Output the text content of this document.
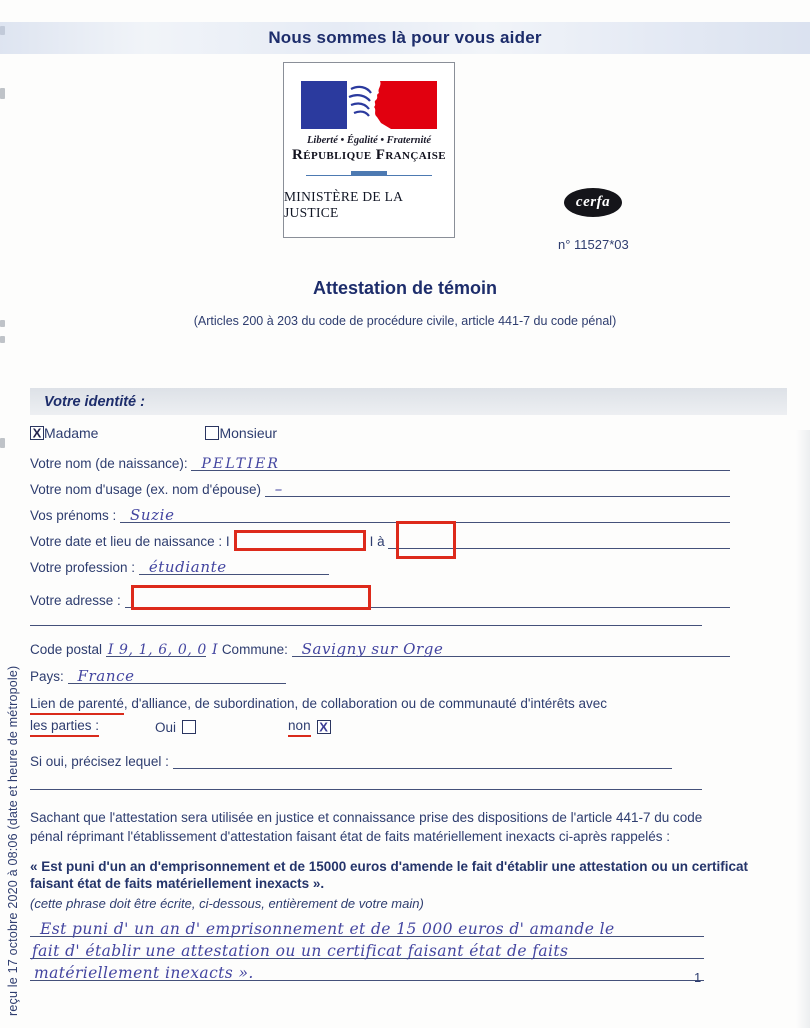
Nous sommes là pour vous aider
Liberté • Égalité • Fraternité
République Française
MINISTÈRE DE LA JUSTICE
cerfa
n° 11527*03
Attestation de témoin
(Articles 200 à 203 du code de procédure civile, article 441-7 du code pénal)
Votre identité :
X Madame	Monsieur
Votre nom (de naissance): PELTIER
Votre nom d'usage (ex. nom d'épouse) –
Vos prénoms : Suzie
Votre date et lieu de naissance : I	I à
Votre profession : étudiante
Votre adresse :
Code postal I 9, 1, 6, 0, 0 I Commune: Savigny sur Orge
Pays: France
Lien de parenté, d'alliance, de subordination, de collaboration ou de communauté d'intérêts avec
les parties :	Oui	non X
Si oui, précisez lequel :
Sachant que l'attestation sera utilisée en justice et connaissance prise des dispositions de l'article 441-7 du code pénal réprimant l'établissement d'attestation faisant état de faits matériellement inexacts ci-après rappelés :
« Est puni d'un an d'emprisonnement et de 15000 euros d'amende le fait d'établir une attestation ou un certificat faisant état de faits matériellement inexacts ».
(cette phrase doit être écrite, ci-dessous, entièrement de votre main)
Est puni d' un an d' emprisonnement et de 15 000 euros d' amande le
fait d' établir une attestation ou un certificat faisant état de faits
matériellement inexacts ».
reçu le 17 octobre 2020 à 08:06 (date et heure de métropole)	1
